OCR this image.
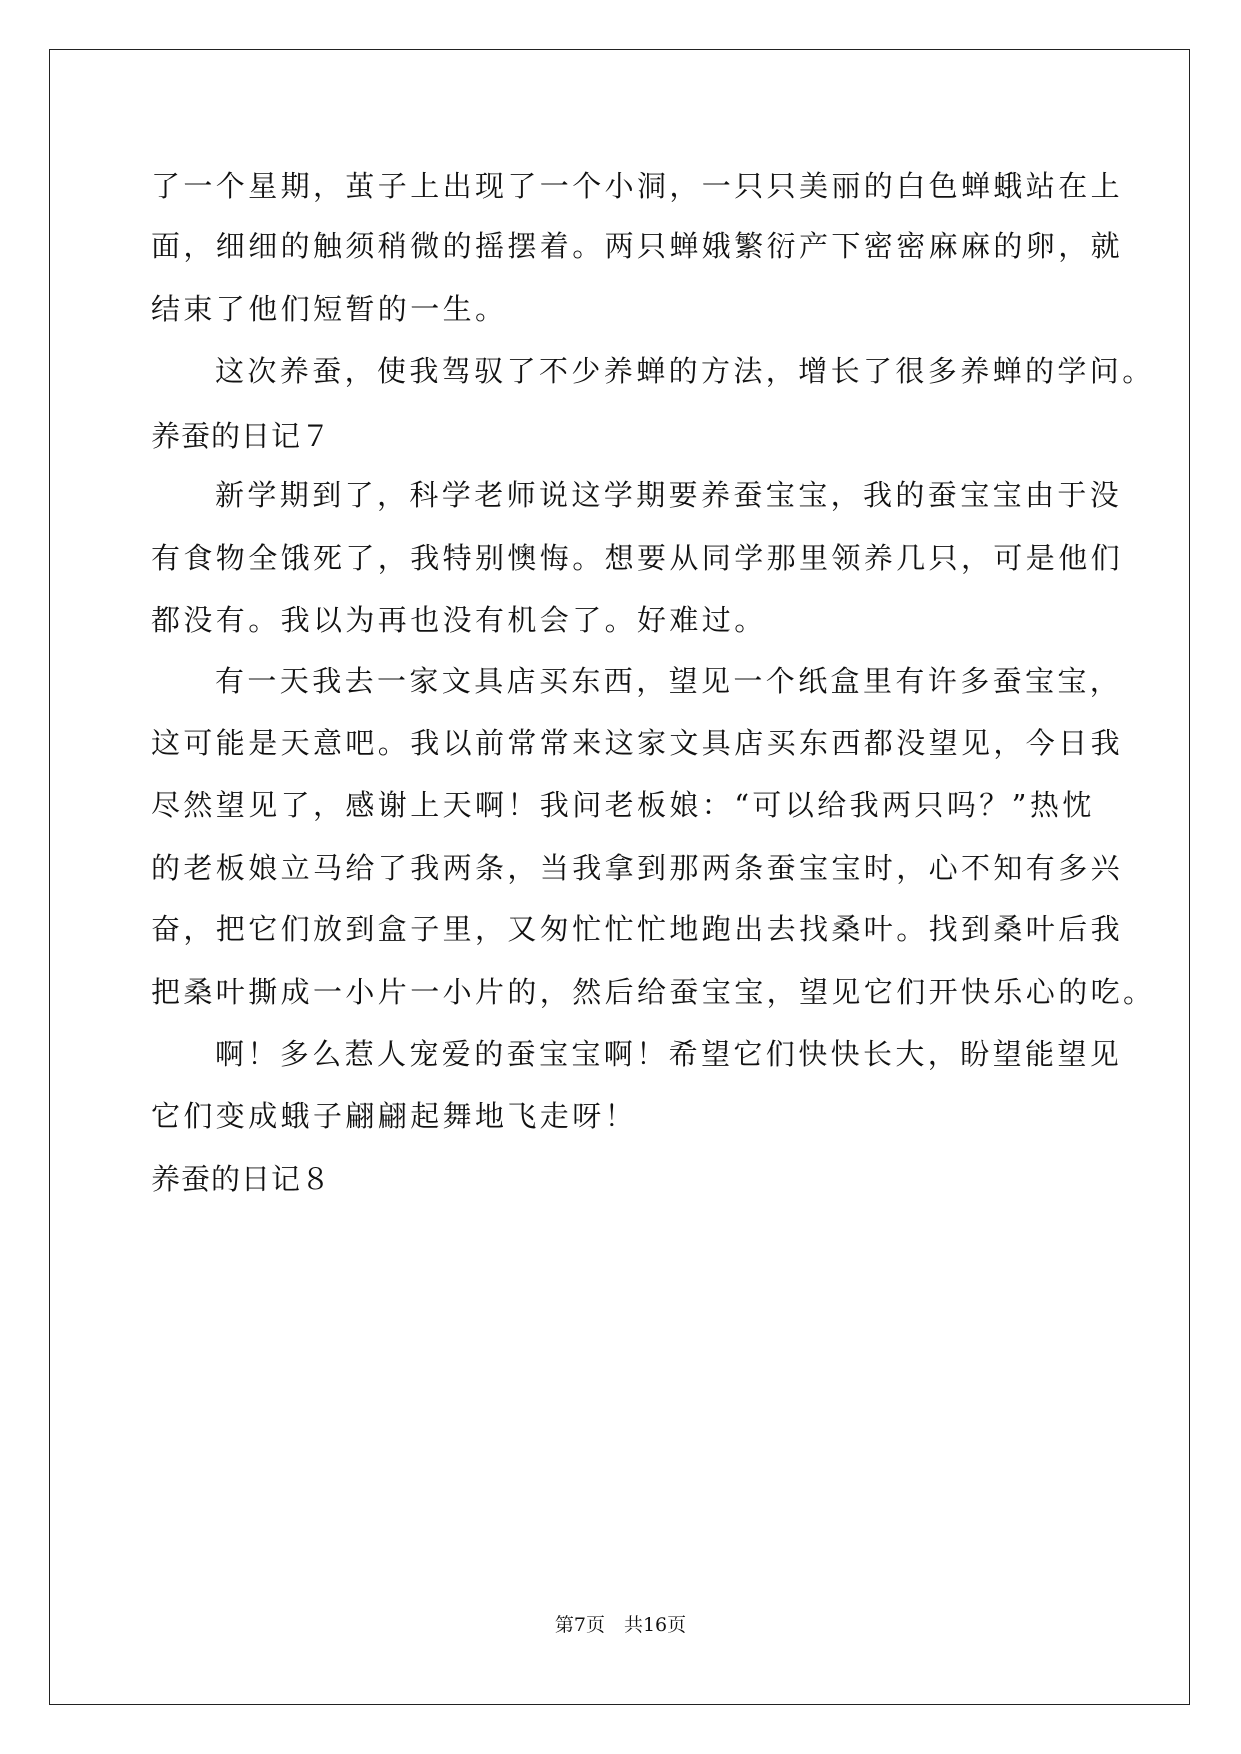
了一个星期，茧子上出现了一个小洞，一只只美丽的白色蝉蛾站在上
面，细细的触须稍微的摇摆着。两只蝉娥繁衍产下密密麻麻的卵，就
结束了他们短暂的一生。
这次养蚕，使我驾驭了不少养蝉的方法，增长了很多养蝉的学问。
养蚕的日记７
新学期到了，科学老师说这学期要养蚕宝宝，我的蚕宝宝由于没
有食物全饿死了，我特别懊悔。想要从同学那里领养几只，可是他们
都没有。我以为再也没有机会了。好难过。
有一天我去一家文具店买东西，望见一个纸盒里有许多蚕宝宝，
这可能是天意吧。我以前常常来这家文具店买东西都没望见，今日我
尽然望见了，感谢上天啊！我问老板娘：“可以给我两只吗？”热忱
的老板娘立马给了我两条，当我拿到那两条蚕宝宝时，心不知有多兴
奋，把它们放到盒子里，又匆忙忙忙地跑出去找桑叶。找到桑叶后我
把桑叶撕成一小片一小片的，然后给蚕宝宝，望见它们开快乐心的吃。
啊！多么惹人宠爱的蚕宝宝啊！希望它们快快长大，盼望能望见
它们变成蛾子翩翩起舞地飞走呀！
养蚕的日记８
第7页　共16页
